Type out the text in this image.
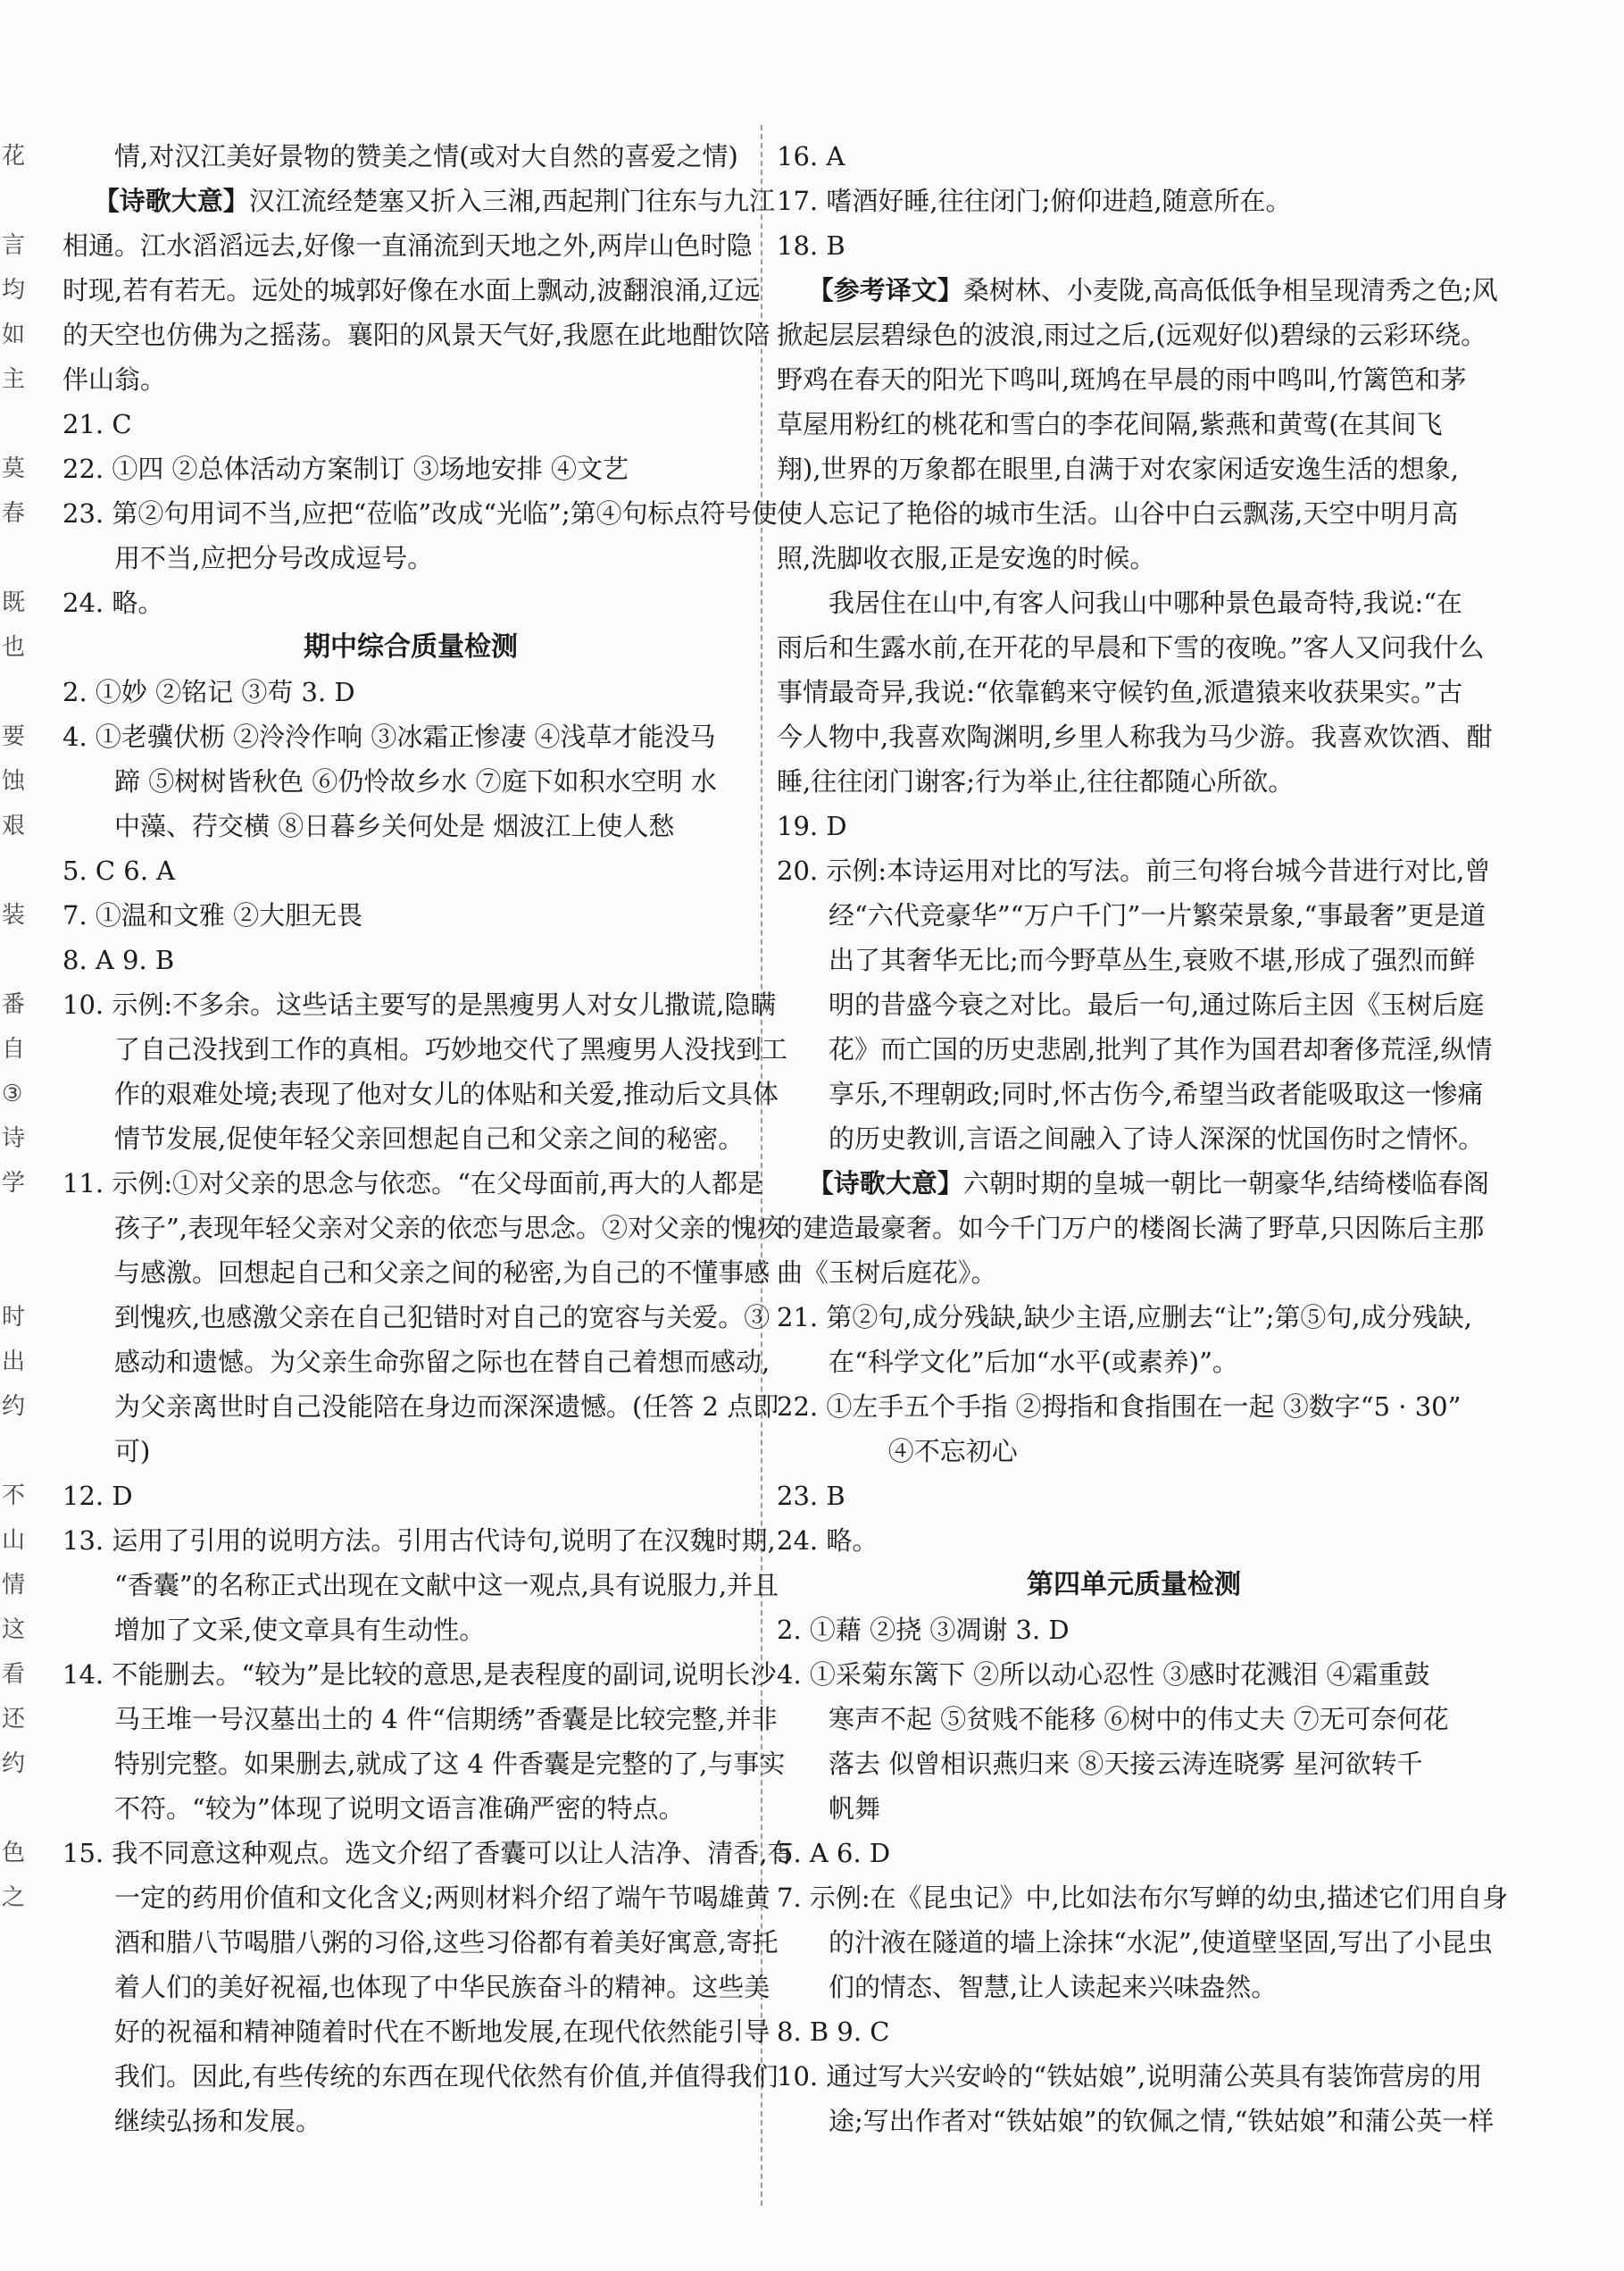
花
言
均
如
主
莫
春
既
也
要
蚀
艰
装
番
自
③
诗
学
时
出
约
不
山
情
这
看
还
约
色
之
情,对汉江美好景物的赞美之情(或对大自然的喜爱之情)
【诗歌大意】汉江流经楚塞又折入三湘,西起荆门往东与九江
相通。江水滔滔远去,好像一直涌流到天地之外,两岸山色时隐
时现,若有若无。远处的城郭好像在水面上飘动,波翻浪涌,辽远
的天空也仿佛为之摇荡。襄阳的风景天气好,我愿在此地酣饮陪
伴山翁。
21. C
22. ①四 ②总体活动方案制订 ③场地安排 ④文艺
23. 第②句用词不当,应把“莅临”改成“光临”;第④句标点符号使
用不当,应把分号改成逗号。
24. 略。
期中综合质量检测
2. ①妙 ②铭记 ③苟 3. D
4. ①老骥伏枥 ②泠泠作响 ③冰霜正惨凄 ④浅草才能没马
蹄 ⑤树树皆秋色 ⑥仍怜故乡水 ⑦庭下如积水空明 水
中藻、荇交横 ⑧日暮乡关何处是 烟波江上使人愁
5. C 6. A
7. ①温和文雅 ②大胆无畏
8. A 9. B
10. 示例:不多余。这些话主要写的是黑瘦男人对女儿撒谎,隐瞒
了自己没找到工作的真相。巧妙地交代了黑瘦男人没找到工
作的艰难处境;表现了他对女儿的体贴和关爱,推动后文具体
情节发展,促使年轻父亲回想起自己和父亲之间的秘密。
11. 示例:①对父亲的思念与依恋。“在父母面前,再大的人都是
孩子”,表现年轻父亲对父亲的依恋与思念。②对父亲的愧疚
与感激。回想起自己和父亲之间的秘密,为自己的不懂事感
到愧疚,也感激父亲在自己犯错时对自己的宽容与关爱。③
感动和遗憾。为父亲生命弥留之际也在替自己着想而感动,
为父亲离世时自己没能陪在身边而深深遗憾。(任答 2 点即
可)
12. D
13. 运用了引用的说明方法。引用古代诗句,说明了在汉魏时期,
“香囊”的名称正式出现在文献中这一观点,具有说服力,并且
增加了文采,使文章具有生动性。
14. 不能删去。“较为”是比较的意思,是表程度的副词,说明长沙
马王堆一号汉墓出土的 4 件“信期绣”香囊是比较完整,并非
特别完整。如果删去,就成了这 4 件香囊是完整的了,与事实
不符。“较为”体现了说明文语言准确严密的特点。
15. 我不同意这种观点。选文介绍了香囊可以让人洁净、清香,有
一定的药用价值和文化含义;两则材料介绍了端午节喝雄黄
酒和腊八节喝腊八粥的习俗,这些习俗都有着美好寓意,寄托
着人们的美好祝福,也体现了中华民族奋斗的精神。这些美
好的祝福和精神随着时代在不断地发展,在现代依然能引导
我们。因此,有些传统的东西在现代依然有价值,并值得我们
继续弘扬和发展。
16. A
17. 嗜酒好睡,往往闭门;俯仰进趋,随意所在。
18. B
【参考译文】桑树林、小麦陇,高高低低争相呈现清秀之色;风
掀起层层碧绿色的波浪,雨过之后,(远观好似)碧绿的云彩环绕。
野鸡在春天的阳光下鸣叫,斑鸠在早晨的雨中鸣叫,竹篱笆和茅
草屋用粉红的桃花和雪白的李花间隔,紫燕和黄莺(在其间飞
翔),世界的万象都在眼里,自满于对农家闲适安逸生活的想象,
使人忘记了艳俗的城市生活。山谷中白云飘荡,天空中明月高
照,洗脚收衣服,正是安逸的时候。
我居住在山中,有客人问我山中哪种景色最奇特,我说:“在
雨后和生露水前,在开花的早晨和下雪的夜晚。”客人又问我什么
事情最奇异,我说:“依靠鹤来守候钓鱼,派遣猿来收获果实。”古
今人物中,我喜欢陶渊明,乡里人称我为马少游。我喜欢饮酒、酣
睡,往往闭门谢客;行为举止,往往都随心所欲。
19. D
20. 示例:本诗运用对比的写法。前三句将台城今昔进行对比,曾
经“六代竞豪华”“万户千门”一片繁荣景象,“事最奢”更是道
出了其奢华无比;而今野草丛生,衰败不堪,形成了强烈而鲜
明的昔盛今衰之对比。最后一句,通过陈后主因《玉树后庭
花》而亡国的历史悲剧,批判了其作为国君却奢侈荒淫,纵情
享乐,不理朝政;同时,怀古伤今,希望当政者能吸取这一惨痛
的历史教训,言语之间融入了诗人深深的忧国伤时之情怀。
【诗歌大意】六朝时期的皇城一朝比一朝豪华,结绮楼临春阁
的建造最豪奢。如今千门万户的楼阁长满了野草,只因陈后主那
曲《玉树后庭花》。
21. 第②句,成分残缺,缺少主语,应删去“让”;第⑤句,成分残缺,
在“科学文化”后加“水平(或素养)”。
22. ①左手五个手指 ②拇指和食指围在一起 ③数字“5 · 30”
④不忘初心
23. B
24. 略。
第四单元质量检测
2. ①藉 ②挠 ③凋谢 3. D
4. ①采菊东篱下 ②所以动心忍性 ③感时花溅泪 ④霜重鼓
寒声不起 ⑤贫贱不能移 ⑥树中的伟丈夫 ⑦无可奈何花
落去 似曾相识燕归来 ⑧天接云涛连晓雾 星河欲转千
帆舞
5. A 6. D
7. 示例:在《昆虫记》中,比如法布尔写蝉的幼虫,描述它们用自身
的汁液在隧道的墙上涂抹“水泥”,使道壁坚固,写出了小昆虫
们的情态、智慧,让人读起来兴味盎然。
8. B 9. C
10. 通过写大兴安岭的“铁姑娘”,说明蒲公英具有装饰营房的用
途;写出作者对“铁姑娘”的钦佩之情,“铁姑娘”和蒲公英一样
